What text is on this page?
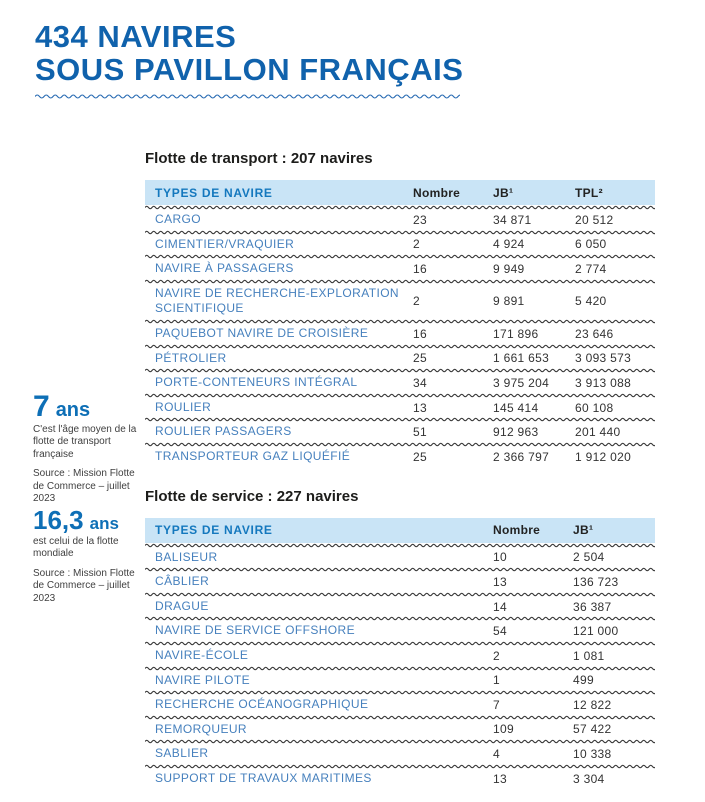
434 NAVIRES
SOUS PAVILLON FRANÇAIS
7 ans
C'est l'âge moyen de la flotte de transport française
Source : Mission Flotte de Commerce – juillet 2023
16,3 ans
est celui de la flotte mondiale
Source : Mission Flotte de Commerce – juillet 2023
Flotte de transport : 207 navires
TYPES DE NAVIRE	Nombre	JB¹	TPL²
CARGO	23	34 871	20 512
CIMENTIER/VRAQUIER	2	4 924	6 050
NAVIRE À PASSAGERS	16	9 949	2 774
NAVIRE DE RECHERCHE-EXPLORATION SCIENTIFIQUE	2	9 891	5 420
PAQUEBOT NAVIRE DE CROISIÈRE	16	171 896	23 646
PÉTROLIER	25	1 661 653	3 093 573
PORTE-CONTENEURS INTÉGRAL	34	3 975 204	3 913 088
ROULIER	13	145 414	60 108
ROULIER PASSAGERS	51	912 963	201 440
TRANSPORTEUR GAZ LIQUÉFIÉ	25	2 366 797	1 912 020
Flotte de service : 227 navires
TYPES DE NAVIRE	Nombre	JB¹
BALISEUR	10	2 504
CÂBLIER	13	136 723
DRAGUE	14	36 387
NAVIRE DE SERVICE OFFSHORE	54	121 000
NAVIRE-ÉCOLE	2	1 081
NAVIRE PILOTE	1	499
RECHERCHE OCÉANOGRAPHIQUE	7	12 822
REMORQUEUR	109	57 422
SABLIER	4	10 338
SUPPORT DE TRAVAUX MARITIMES	13	3 304
